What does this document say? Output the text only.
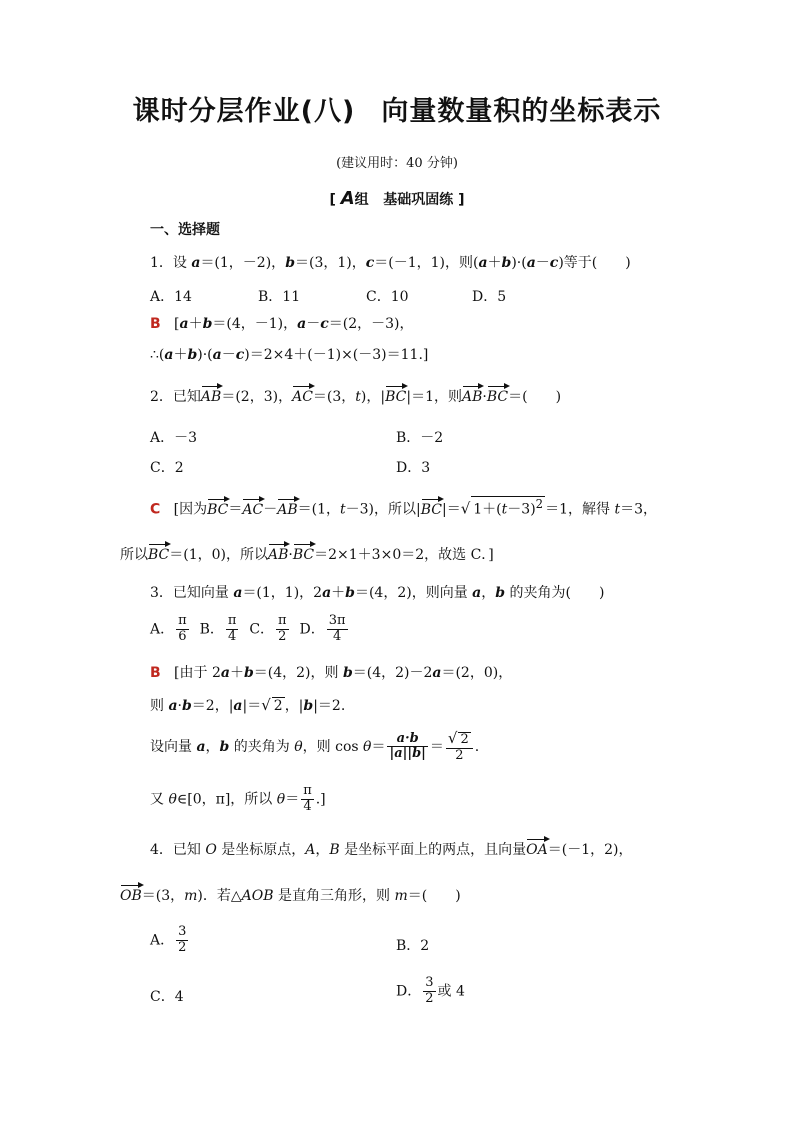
课时分层作业(八) 向量数量积的坐标表示
(建议用时：40 分钟)
[ A组 基础巩固练 ]
一、选择题
1．设 a＝(1，－2)，b＝(3，1)，c＝(－1，1)，则(a＋b)·(a－c)等于(　　)
A．14	B．11	C．10	D．5
B [a＋b＝(4，－1)，a－c＝(2，－3)，
∴(a＋b)·(a－c)＝2×4＋(－1)×(－3)＝11.]
2．已知AB＝(2，3)，AC＝(3，t)，|BC|＝1，则AB·BC＝(　　)
A．－3	B．－2
C．2	D．3
C [因为BC＝AC－AB＝(1，t－3)，所以|BC|＝√ $1+(t-3)^2 =1$，解得 t＝3，
所以BC＝(1，0)，所以AB·BC＝2×1＋3×0＝2，故选 C．]
3．已知向量 a＝(1，1)，2a＋b＝(4，2)，则向量 a，b 的夹角为(　　)
A． $\frac{\pi}{6}$ B． $\frac{\pi}{4}$ C． $\frac{\pi}{2}$ D． $\frac{3\pi}{4}$
B [由于 2a＋b＝(4，2)，则 b＝(4，2)－2a＝(2，0)，
则 a·b＝2，|a|＝√ 2 ，|b|＝2.
设向量 a，b 的夹角为 θ，则 $\cos \theta= \frac{a\cdot b}{|a||b|} = \frac{√ 2}{2}$ .
又 θ∈[0，π]，所以 $\theta= \frac{\pi}{4}$ .]
4．已知 O 是坐标原点，A，B 是坐标平面上的两点，且向量OA＝(－1，2)，
OB＝(3，m)．若△AOB 是直角三角形，则 m＝(　　)
A． $\frac{3}{2}$	B．2
C．4	D． $\frac{3}{2}$ 或 4
